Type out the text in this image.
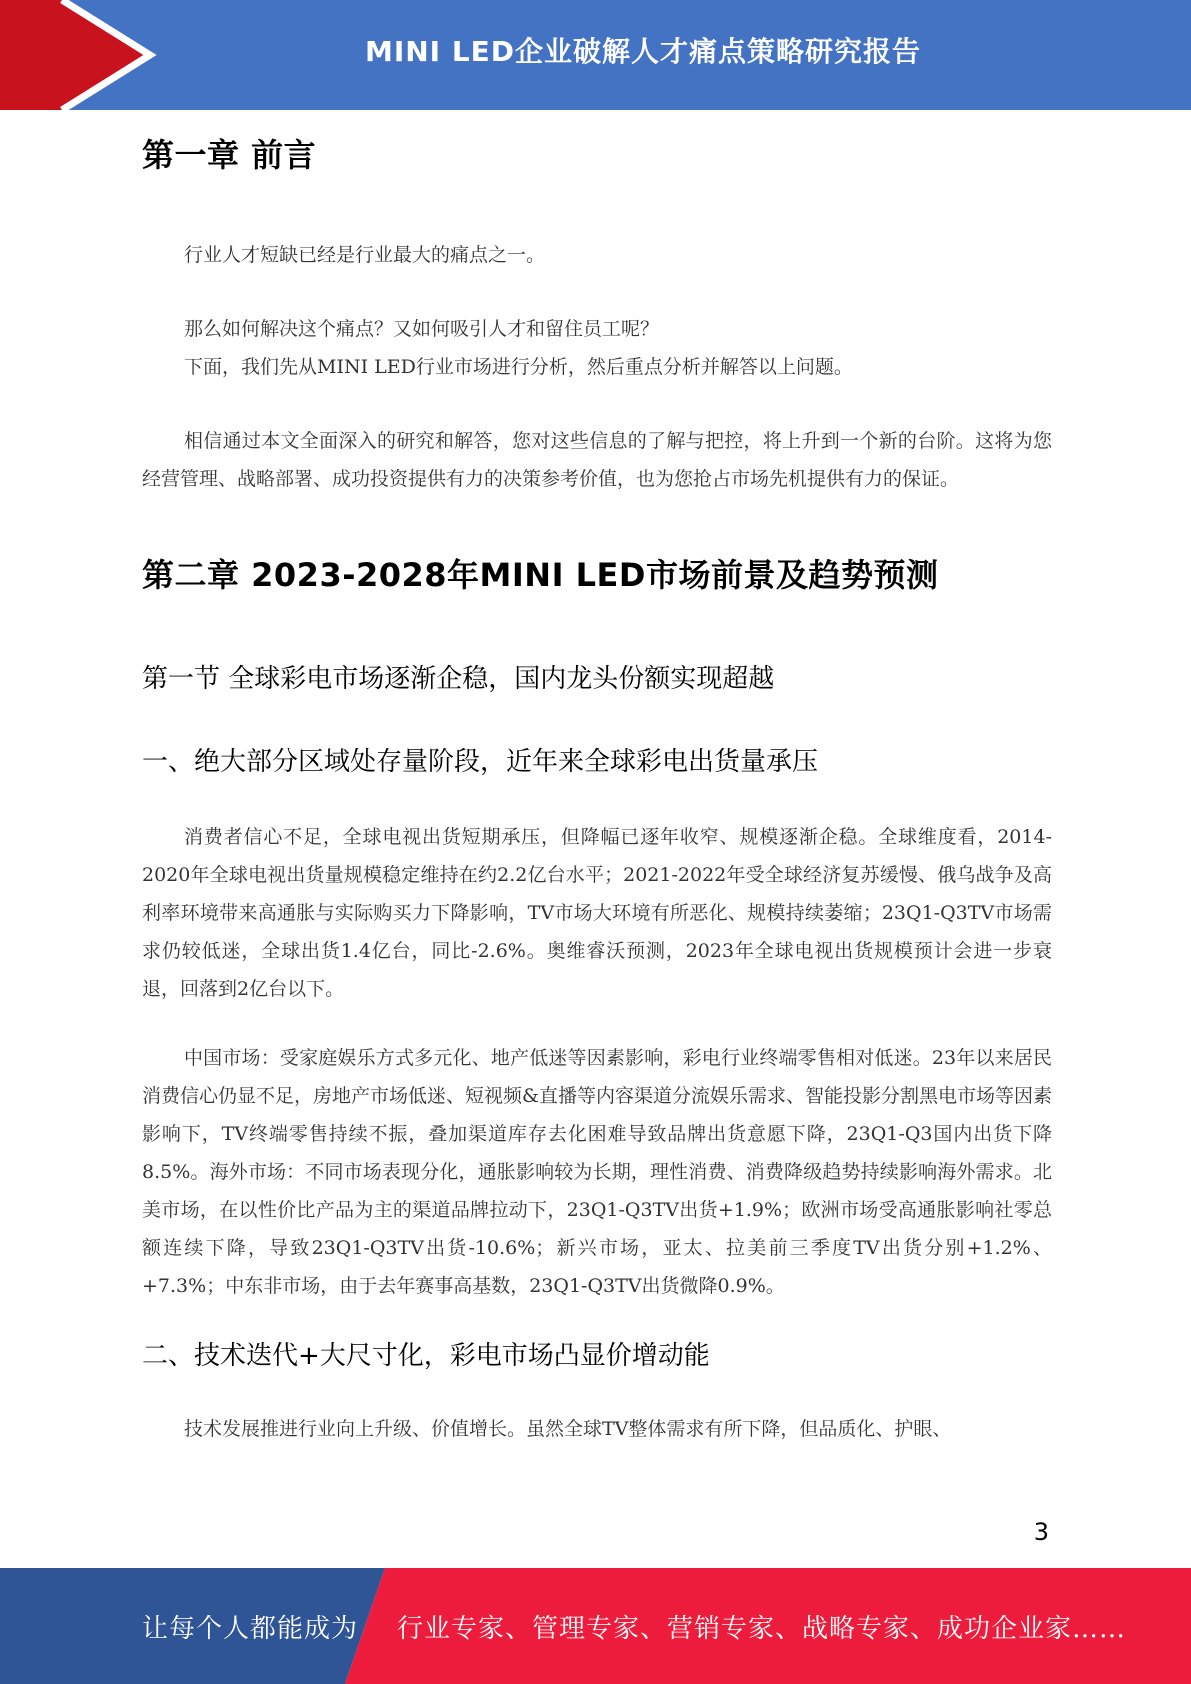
MINI LED企业破解人才痛点策略研究报告
第一章 前言

行业人才短缺已经是行业最大的痛点之一。

那么如何解决这个痛点？又如何吸引人才和留住员工呢？

下面，我们先从MINI LED行业市场进行分析，然后重点分析并解答以上问题。

相信通过本文全面深入的研究和解答，您对这些信息的了解与把控，将上升到一个新的台阶。这将为您经营管理、战略部署、成功投资提供有力的决策参考价值，也为您抢占市场先机提供有力的保证。

第二章 2023-2028年MINI LED市场前景及趋势预测
第一节 全球彩电市场逐渐企稳，国内龙头份额实现超越
一、绝大部分区域处存量阶段，近年来全球彩电出货量承压

消费者信心不足，全球电视出货短期承压，但降幅已逐年收窄、规模逐渐企稳。全球维度看，2014-2020年全球电视出货量规模稳定维持在约2.2亿台水平；2021-2022年受全球经济复苏缓慢、俄乌战争及高利率环境带来高通胀与实际购买力下降影响，TV市场大环境有所恶化、规模持续萎缩；23Q1-Q3TV市场需求仍较低迷，全球出货1.4亿台，同比-2.6%。奥维睿沃预测，2023年全球电视出货规模预计会进一步衰退，回落到2亿台以下。

中国市场：受家庭娱乐方式多元化、地产低迷等因素影响，彩电行业终端零售相对低迷。23年以来居民消费信心仍显不足，房地产市场低迷、短视频&直播等内容渠道分流娱乐需求、智能投影分割黑电市场等因素影响下，TV终端零售持续不振，叠加渠道库存去化困难导致品牌出货意愿下降，23Q1-Q3国内出货下降8.5%。海外市场：不同市场表现分化，通胀影响较为长期，理性消费、消费降级趋势持续影响海外需求。北美市场，在以性价比产品为主的渠道品牌拉动下，23Q1-Q3TV出货+1.9%；欧洲市场受高通胀影响社零总额连续下降，导致23Q1-Q3TV出货-10.6%；新兴市场，亚太、拉美前三季度TV出货分别+1.2%、+7.3%；中东非市场，由于去年赛事高基数，23Q1-Q3TV出货微降0.9%。

二、技术迭代+大尺寸化，彩电市场凸显价增动能

技术发展推进行业向上升级、价值增长。虽然全球TV整体需求有所下降，但品质化、护眼、

3
让每个人都能成为 行业专家、管理专家、营销专家、战略专家、成功企业家……
